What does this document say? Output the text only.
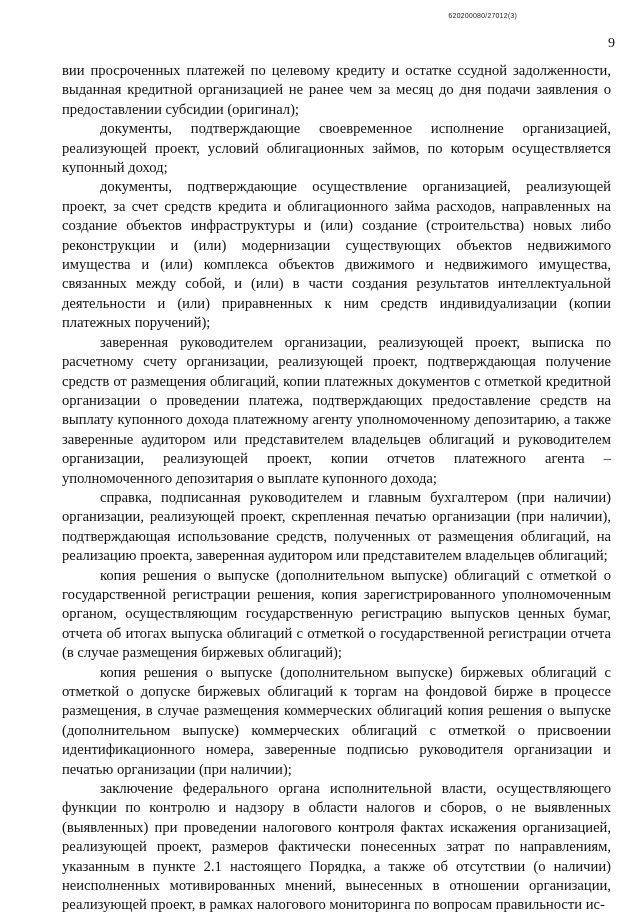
620200080/27012(3)
9

вии просроченных платежей по целевому кредиту и остатке ссудной задолженности, выданная кредитной организацией не ранее чем за месяц до дня подачи заявления о предоставлении субсидии (оригинал);

документы, подтверждающие своевременное исполнение организацией, реализующей проект, условий облигационных займов, по которым осуществляется купонный доход;

документы, подтверждающие осуществление организацией, реализующей проект, за счет средств кредита и облигационного займа расходов, направленных на создание объектов инфраструктуры и (или) создание (строительства) новых либо реконструкции и (или) модернизации существующих объектов недвижимого имущества и (или) комплекса объектов движимого и недвижимого имущества, связанных между собой, и (или) в части создания результатов интеллектуальной деятельности и (или) приравненных к ним средств индивидуализации (копии платежных поручений);

заверенная руководителем организации, реализующей проект, выписка по расчетному счету организации, реализующей проект, подтверждающая получение средств от размещения облигаций, копии платежных документов с отметкой кредитной организации о проведении платежа, подтверждающих предоставление средств на выплату купонного дохода платежному агенту уполномоченному депозитарию, а также заверенные аудитором или представителем владельцев облигаций и руководителем организации, реализующей проект, копии отчетов платежного агента – уполномоченного депозитария о выплате купонного дохода;

справка, подписанная руководителем и главным бухгалтером (при наличии) организации, реализующей проект, скрепленная печатью организации (при наличии), подтверждающая использование средств, полученных от размещения облигаций, на реализацию проекта, заверенная аудитором или представителем владельцев облигаций;

копия решения о выпуске (дополнительном выпуске) облигаций с отметкой о государственной регистрации решения, копия зарегистрированного уполномоченным органом, осуществляющим государственную регистрацию выпусков ценных бумаг, отчета об итогах выпуска облигаций с отметкой о государственной регистрации отчета (в случае размещения биржевых облигаций);

копия решения о выпуске (дополнительном выпуске) биржевых облигаций с отметкой о допуске биржевых облигаций к торгам на фондовой бирже в процессе размещения, в случае размещения коммерческих облигаций копия решения о выпуске (дополнительном выпуске) коммерческих облигаций с отметкой о присвоении идентификационного номера, заверенные подписью руководителя организации и печатью организации (при наличии);

заключение федерального органа исполнительной власти, осуществляющего функции по контролю и надзору в области налогов и сборов, о не выявленных (выявленных) при проведении налогового контроля фактах искажения организацией, реализующей проект, размеров фактически понесенных затрат по направлениям, указанным в пункте 2.1 настоящего Порядка, а также об отсутствии (о наличии) неисполненных мотивированных мнений, вынесенных в отношении организации, реализующей проект, в рамках налогового мониторинга по вопросам правильности ис-
